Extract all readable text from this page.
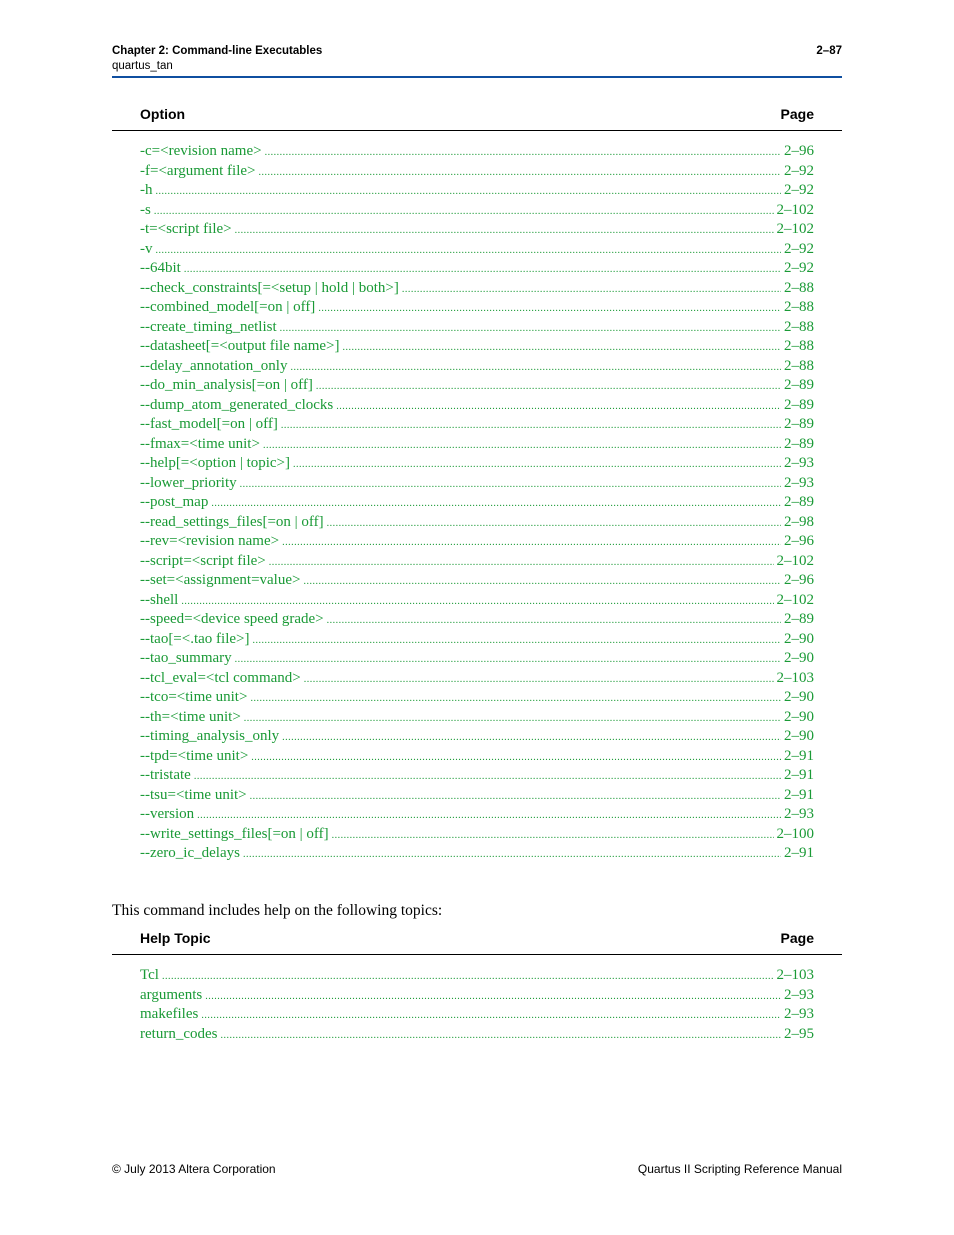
Chapter 2: Command-line Executables
quartus_tan
2–87
Option	Page
-c=<revision name> .....	2–96
-f=<argument file> .....	2–92
-h .....	2–92
-s .....	2–102
-t=<script file> .....	2–102
-v .....	2–92
--64bit .....	2–92
--check_constraints[=<setup | hold | both>] .....	2–88
--combined_model[=on | off] .....	2–88
--create_timing_netlist .....	2–88
--datasheet[=<output file name>] .....	2–88
--delay_annotation_only .....	2–88
--do_min_analysis[=on | off] .....	2–89
--dump_atom_generated_clocks .....	2–89
--fast_model[=on | off] .....	2–89
--fmax=<time unit> .....	2–89
--help[=<option | topic>] .....	2–93
--lower_priority .....	2–93
--post_map .....	2–89
--read_settings_files[=on | off] .....	2–98
--rev=<revision name> .....	2–96
--script=<script file> .....	2–102
--set=<assignment=value> .....	2–96
--shell .....	2–102
--speed=<device speed grade> .....	2–89
--tao[=<.tao file>] .....	2–90
--tao_summary .....	2–90
--tcl_eval=<tcl command> .....	2–103
--tco=<time unit> .....	2–90
--th=<time unit> .....	2–90
--timing_analysis_only .....	2–90
--tpd=<time unit> .....	2–91
--tristate .....	2–91
--tsu=<time unit> .....	2–91
--version .....	2–93
--write_settings_files[=on | off] .....	2–100
--zero_ic_delays .....	2–91
This command includes help on the following topics:
Help Topic	Page
Tcl .....	2–103
arguments .....	2–93
makefiles .....	2–93
return_codes .....	2–95
© July 2013 Altera Corporation	Quartus II Scripting Reference Manual
